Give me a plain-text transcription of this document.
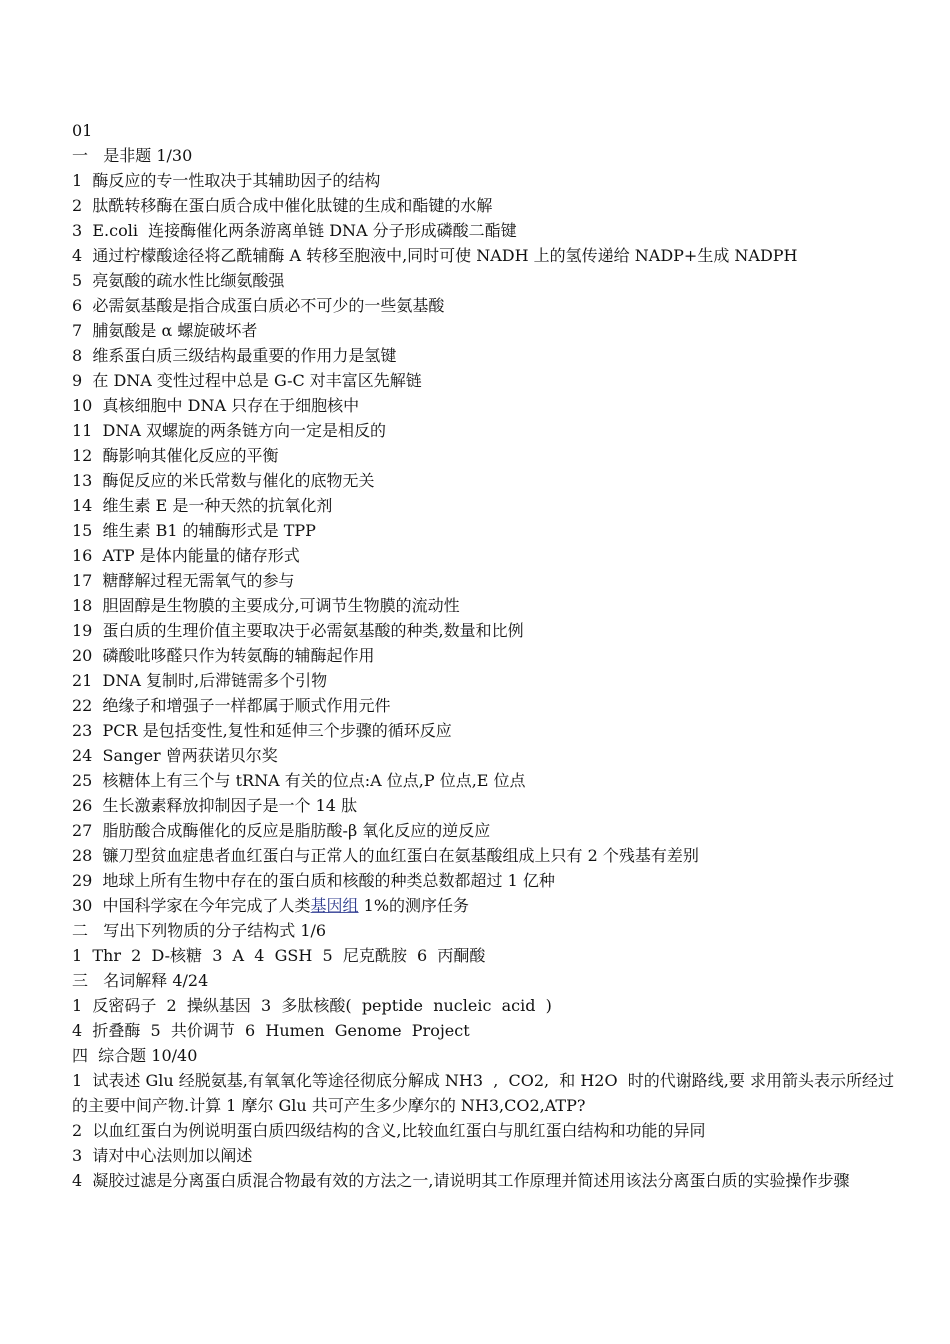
01
一   是非题 1/30
1  酶反应的专一性取决于其辅助因子的结构
2  肽酰转移酶在蛋白质合成中催化肽键的生成和酯键的水解
3  E.coli  连接酶催化两条游离单链 DNA 分子形成磷酸二酯键
4  通过柠檬酸途径将乙酰辅酶 A 转移至胞液中,同时可使 NADH 上的氢传递给 NADP+生成 NADPH
5  亮氨酸的疏水性比缬氨酸强
6  必需氨基酸是指合成蛋白质必不可少的一些氨基酸
7  脯氨酸是 α 螺旋破坏者
8  维系蛋白质三级结构最重要的作用力是氢键
9  在 DNA 变性过程中总是 G-C 对丰富区先解链
10  真核细胞中 DNA 只存在于细胞核中
11  DNA 双螺旋的两条链方向一定是相反的
12  酶影响其催化反应的平衡
13  酶促反应的米氏常数与催化的底物无关
14  维生素 E 是一种天然的抗氧化剂
15  维生素 B1 的辅酶形式是 TPP
16  ATP 是体内能量的储存形式
17  糖酵解过程无需氧气的参与
18  胆固醇是生物膜的主要成分,可调节生物膜的流动性
19  蛋白质的生理价值主要取决于必需氨基酸的种类,数量和比例
20  磷酸吡哆醛只作为转氨酶的辅酶起作用
21  DNA 复制时,后滞链需多个引物
22  绝缘子和增强子一样都属于顺式作用元件
23  PCR 是包括变性,复性和延伸三个步骤的循环反应
24  Sanger 曾两获诺贝尔奖
25  核糖体上有三个与 tRNA 有关的位点:A 位点,P 位点,E 位点
26  生长激素释放抑制因子是一个 14 肽
27  脂肪酸合成酶催化的反应是脂肪酸-β 氧化反应的逆反应
28  镰刀型贫血症患者血红蛋白与正常人的血红蛋白在氨基酸组成上只有 2 个残基有差别
29  地球上所有生物中存在的蛋白质和核酸的种类总数都超过 1 亿种
30  中国科学家在今年完成了人类基因组 1%的测序任务
二   写出下列物质的分子结构式 1/6
1  Thr  2  D-核糖  3  A  4  GSH  5  尼克酰胺  6  丙酮酸
三   名词解释 4/24
1  反密码子  2  操纵基因  3  多肽核酸(  peptide  nucleic  acid  )
4  折叠酶  5  共价调节  6  Humen  Genome  Project
四  综合题 10/40
1  试表述 Glu 经脱氨基,有氧氧化等途径彻底分解成 NH3  ,  CO2,  和 H2O  时的代谢路线,要 求用箭头表示所经过的主要中间产物.计算 1 摩尔 Glu 共可产生多少摩尔的 NH3,CO2,ATP?
2  以血红蛋白为例说明蛋白质四级结构的含义,比较血红蛋白与肌红蛋白结构和功能的异同
3  请对中心法则加以阐述
4  凝胶过滤是分离蛋白质混合物最有效的方法之一,请说明其工作原理并简述用该法分离蛋白质的实验操作步骤
